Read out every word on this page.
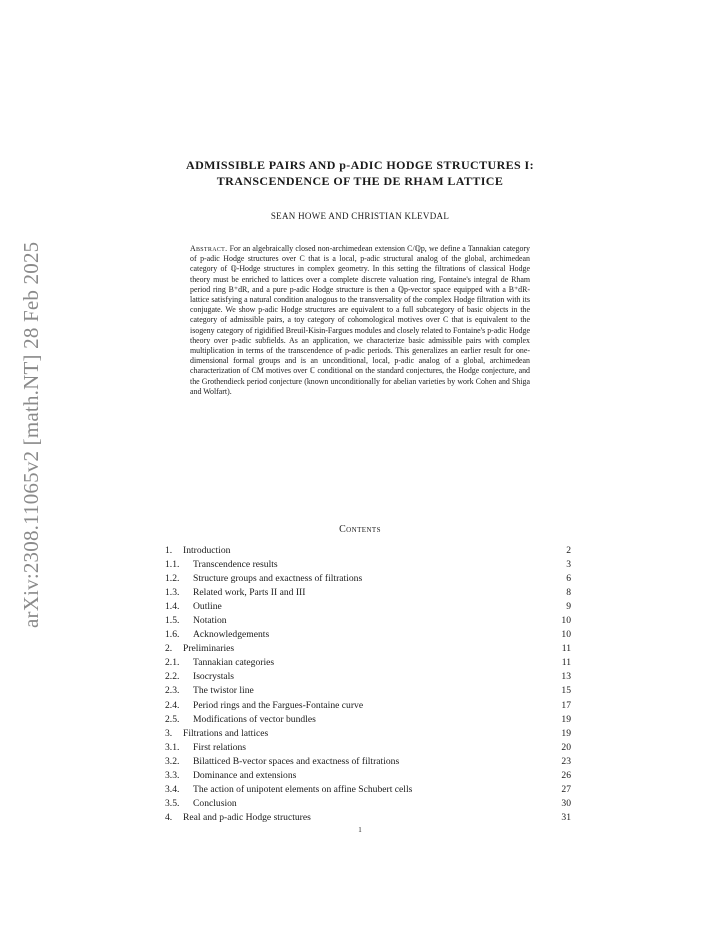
arXiv:2308.11065v2 [math.NT] 28 Feb 2025
ADMISSIBLE PAIRS AND p-ADIC HODGE STRUCTURES I:
TRANSCENDENCE OF THE DE RHAM LATTICE
SEAN HOWE AND CHRISTIAN KLEVDAL
Abstract. For an algebraically closed non-archimedean extension C/ℚp, we define a Tannakian category of p-adic Hodge structures over C that is a local, p-adic structural analog of the global, archimedean category of ℚ-Hodge structures in complex geometry. In this setting the filtrations of classical Hodge theory must be enriched to lattices over a complete discrete valuation ring, Fontaine's integral de Rham period ring B⁺dR, and a pure p-adic Hodge structure is then a ℚp-vector space equipped with a B⁺dR-lattice satisfying a natural condition analogous to the transversality of the complex Hodge filtration with its conjugate. We show p-adic Hodge structures are equivalent to a full subcategory of basic objects in the category of admissible pairs, a toy category of cohomological motives over C that is equivalent to the isogeny category of rigidified Breuil-Kisin-Fargues modules and closely related to Fontaine's p-adic Hodge theory over p-adic subfields. As an application, we characterize basic admissible pairs with complex multiplication in terms of the transcendence of p-adic periods. This generalizes an earlier result for one-dimensional formal groups and is an unconditional, local, p-adic analog of a global, archimedean characterization of CM motives over ℂ conditional on the standard conjectures, the Hodge conjecture, and the Grothendieck period conjecture (known unconditionally for abelian varieties by work Cohen and Shiga and Wolfart).
Contents
1.	Introduction	2
1.1.	Transcendence results	3
1.2.	Structure groups and exactness of filtrations	6
1.3.	Related work, Parts II and III	8
1.4.	Outline	9
1.5.	Notation	10
1.6.	Acknowledgements	10
2.	Preliminaries	11
2.1.	Tannakian categories	11
2.2.	Isocrystals	13
2.3.	The twistor line	15
2.4.	Period rings and the Fargues-Fontaine curve	17
2.5.	Modifications of vector bundles	19
3.	Filtrations and lattices	19
3.1.	First relations	20
3.2.	Bilatticed B-vector spaces and exactness of filtrations	23
3.3.	Dominance and extensions	26
3.4.	The action of unipotent elements on affine Schubert cells	27
3.5.	Conclusion	30
4.	Real and p-adic Hodge structures	31
1
